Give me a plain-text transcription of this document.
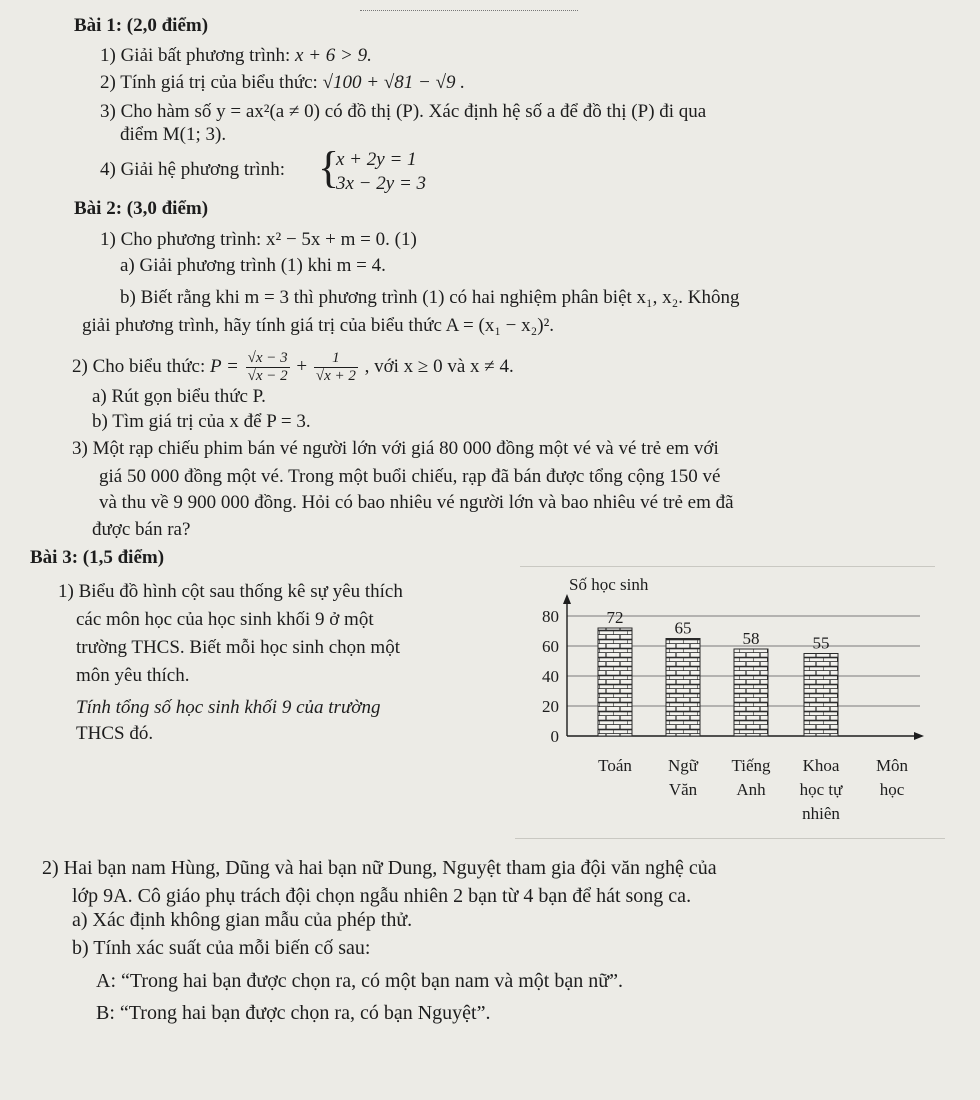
Bài 1: (2,0 điểm)
1) Giải bất phương trình: x + 6 > 9.
2) Tính giá trị của biểu thức: √100 + √81 − √9 .
3) Cho hàm số y = ax²(a ≠ 0) có đồ thị (P). Xác định hệ số a để đồ thị (P) đi qua
điểm M(1; 3).
4) Giải hệ phương trình: {
x + 2y = 1
3x − 2y = 3
Bài 2: (3,0 điểm)
1) Cho phương trình: x² − 5x + m = 0. (1)
a) Giải phương trình (1) khi m = 4.
b) Biết rằng khi m = 3 thì phương trình (1) có hai nghiệm phân biệt x₁, x₂. Không
giải phương trình, hãy tính giá trị của biểu thức A = (x₁ − x₂)².
2) Cho biểu thức: $P = \frac{√x - 3}{√x - 2} + \frac{1}{√x + 2}$ , với x ≥ 0 và x ≠ 4.
a) Rút gọn biểu thức P.
b) Tìm giá trị của x để P = 3.
3) Một rạp chiếu phim bán vé người lớn với giá 80 000 đồng một vé và vé trẻ em với
giá 50 000 đồng một vé. Trong một buổi chiếu, rạp đã bán được tổng cộng 150 vé
và thu về 9 900 000 đồng. Hỏi có bao nhiêu vé người lớn và bao nhiêu vé trẻ em đã
được bán ra?
Bài 3: (1,5 điểm)
1) Biểu đồ hình cột sau thống kê sự yêu thích
các môn học của học sinh khối 9 ở một
trường THCS. Biết mỗi học sinh chọn một
môn yêu thích.
Tính tổng số học sinh khối 9 của trường
THCS đó.
Số học sinh
0
20
40
60
80	72
65
58	55
Toán Ngữ
Văn
Tiếng
Anh
Khoa
học tự
nhiên
Môn
học
2) Hai bạn nam Hùng, Dũng và hai bạn nữ Dung, Nguyệt tham gia đội văn nghệ của
lớp 9A. Cô giáo phụ trách đội chọn ngẫu nhiên 2 bạn từ 4 bạn để hát song ca.
a) Xác định không gian mẫu của phép thử.
b) Tính xác suất của mỗi biến cố sau:
A: “Trong hai bạn được chọn ra, có một bạn nam và một bạn nữ”.
B: “Trong hai bạn được chọn ra, có bạn Nguyệt”.
